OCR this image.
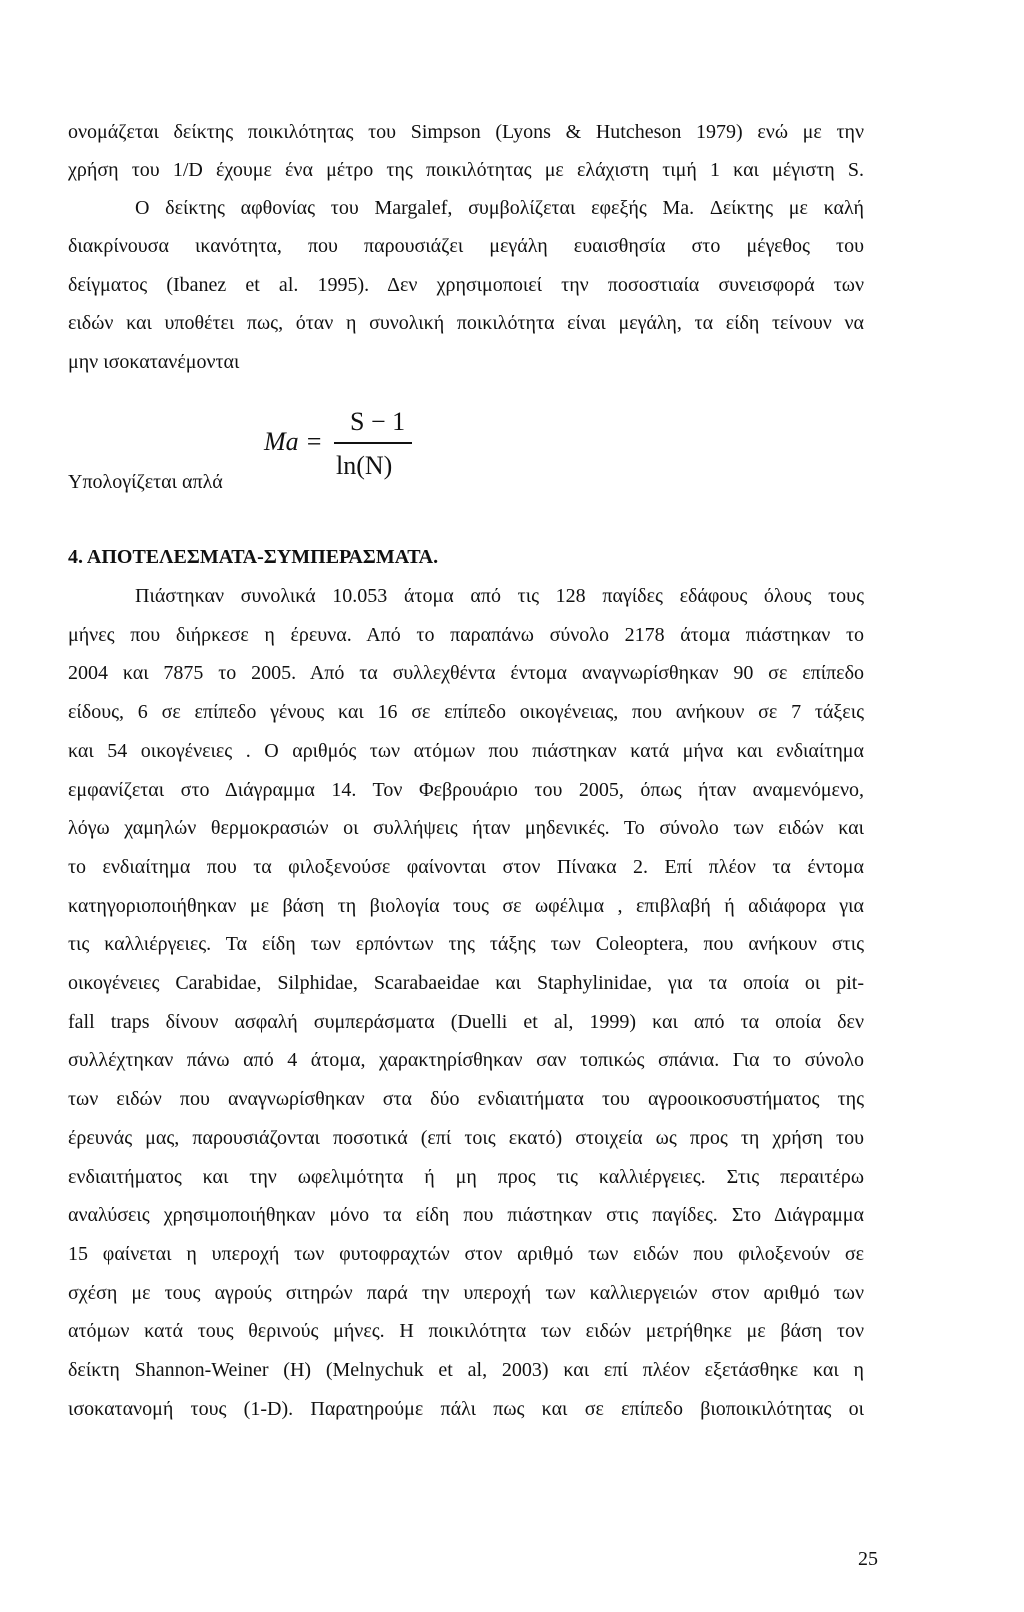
ονομάζεται δείκτης ποικιλότητας του Simpson (Lyons & Hutcheson 1979) ενώ με την
χρήση του 1/D έχουμε ένα μέτρο της ποικιλότητας με ελάχιστη τιμή 1 και μέγιστη S.
Ο δείκτης αφθονίας του Margalef, συμβολίζεται εφεξής Ma. Δείκτης με καλή
διακρίνουσα ικανότητα, που παρουσιάζει μεγάλη ευαισθησία στο μέγεθος του
δείγματος (Ibanez et al. 1995). Δεν χρησιμοποιεί την ποσοστιαία συνεισφορά των
ειδών και υποθέτει πως, όταν η συνολική ποικιλότητα είναι μεγάλη, τα είδη τείνουν να
μην ισοκατανέμονται
Υπολογίζεται απλά
Ma =
S − 1
ln(N)
4. ΑΠΟΤΕΛΕΣΜΑΤΑ-ΣΥΜΠΕΡΑΣΜΑΤΑ.
Πιάστηκαν συνολικά 10.053 άτομα από τις 128 παγίδες εδάφους όλους τους
μήνες που διήρκεσε η έρευνα. Από το παραπάνω σύνολο 2178 άτομα πιάστηκαν το
2004 και 7875 το 2005. Από τα συλλεχθέντα έντομα αναγνωρίσθηκαν 90 σε επίπεδο
είδους, 6 σε επίπεδο γένους και 16 σε επίπεδο οικογένειας, που ανήκουν σε 7 τάξεις
και 54 οικογένειες . Ο αριθμός των ατόμων που πιάστηκαν κατά μήνα και ενδιαίτημα
εμφανίζεται στο Διάγραμμα 14. Τον Φεβρουάριο του 2005, όπως ήταν αναμενόμενο,
λόγω χαμηλών θερμοκρασιών οι συλλήψεις ήταν μηδενικές. Το σύνολο των ειδών και
το ενδιαίτημα που τα φιλοξενούσε φαίνονται στον Πίνακα 2. Επί πλέον τα έντομα
κατηγοριοποιήθηκαν με βάση τη βιολογία τους σε ωφέλιμα , επιβλαβή ή αδιάφορα για
τις καλλιέργειες. Τα είδη των ερπόντων της τάξης των Coleoptera, που ανήκουν στις
οικογένειες Carabidae, Silphidae, Scarabaeidae και Staphylinidae, για τα οποία οι pit-
fall traps δίνουν ασφαλή συμπεράσματα (Duelli et al, 1999) και από τα οποία δεν
συλλέχτηκαν πάνω από 4 άτομα, χαρακτηρίσθηκαν σαν τοπικώς σπάνια. Για το σύνολο
των ειδών που αναγνωρίσθηκαν στα δύο ενδιαιτήματα του αγροοικοσυστήματος της
έρευνάς μας, παρουσιάζονται ποσοτικά (επί τοις εκατό) στοιχεία ως προς τη χρήση του
ενδιαιτήματος και την ωφελιμότητα ή μη προς τις καλλιέργειες. Στις περαιτέρω
αναλύσεις χρησιμοποιήθηκαν μόνο τα είδη που πιάστηκαν στις παγίδες. Στο Διάγραμμα
15 φαίνεται η υπεροχή των φυτοφραχτών στον αριθμό των ειδών που φιλοξενούν σε
σχέση με τους αγρούς σιτηρών παρά την υπεροχή των καλλιεργειών στον αριθμό των
ατόμων κατά τους θερινούς μήνες. Η ποικιλότητα των ειδών μετρήθηκε με βάση τον
δείκτη Shannon-Weiner (H) (Melnychuk et al, 2003) και επί πλέον εξετάσθηκε και η
ισοκατανομή τους (1-D). Παρατηρούμε πάλι πως και σε επίπεδο βιοποικιλότητας οι
25
